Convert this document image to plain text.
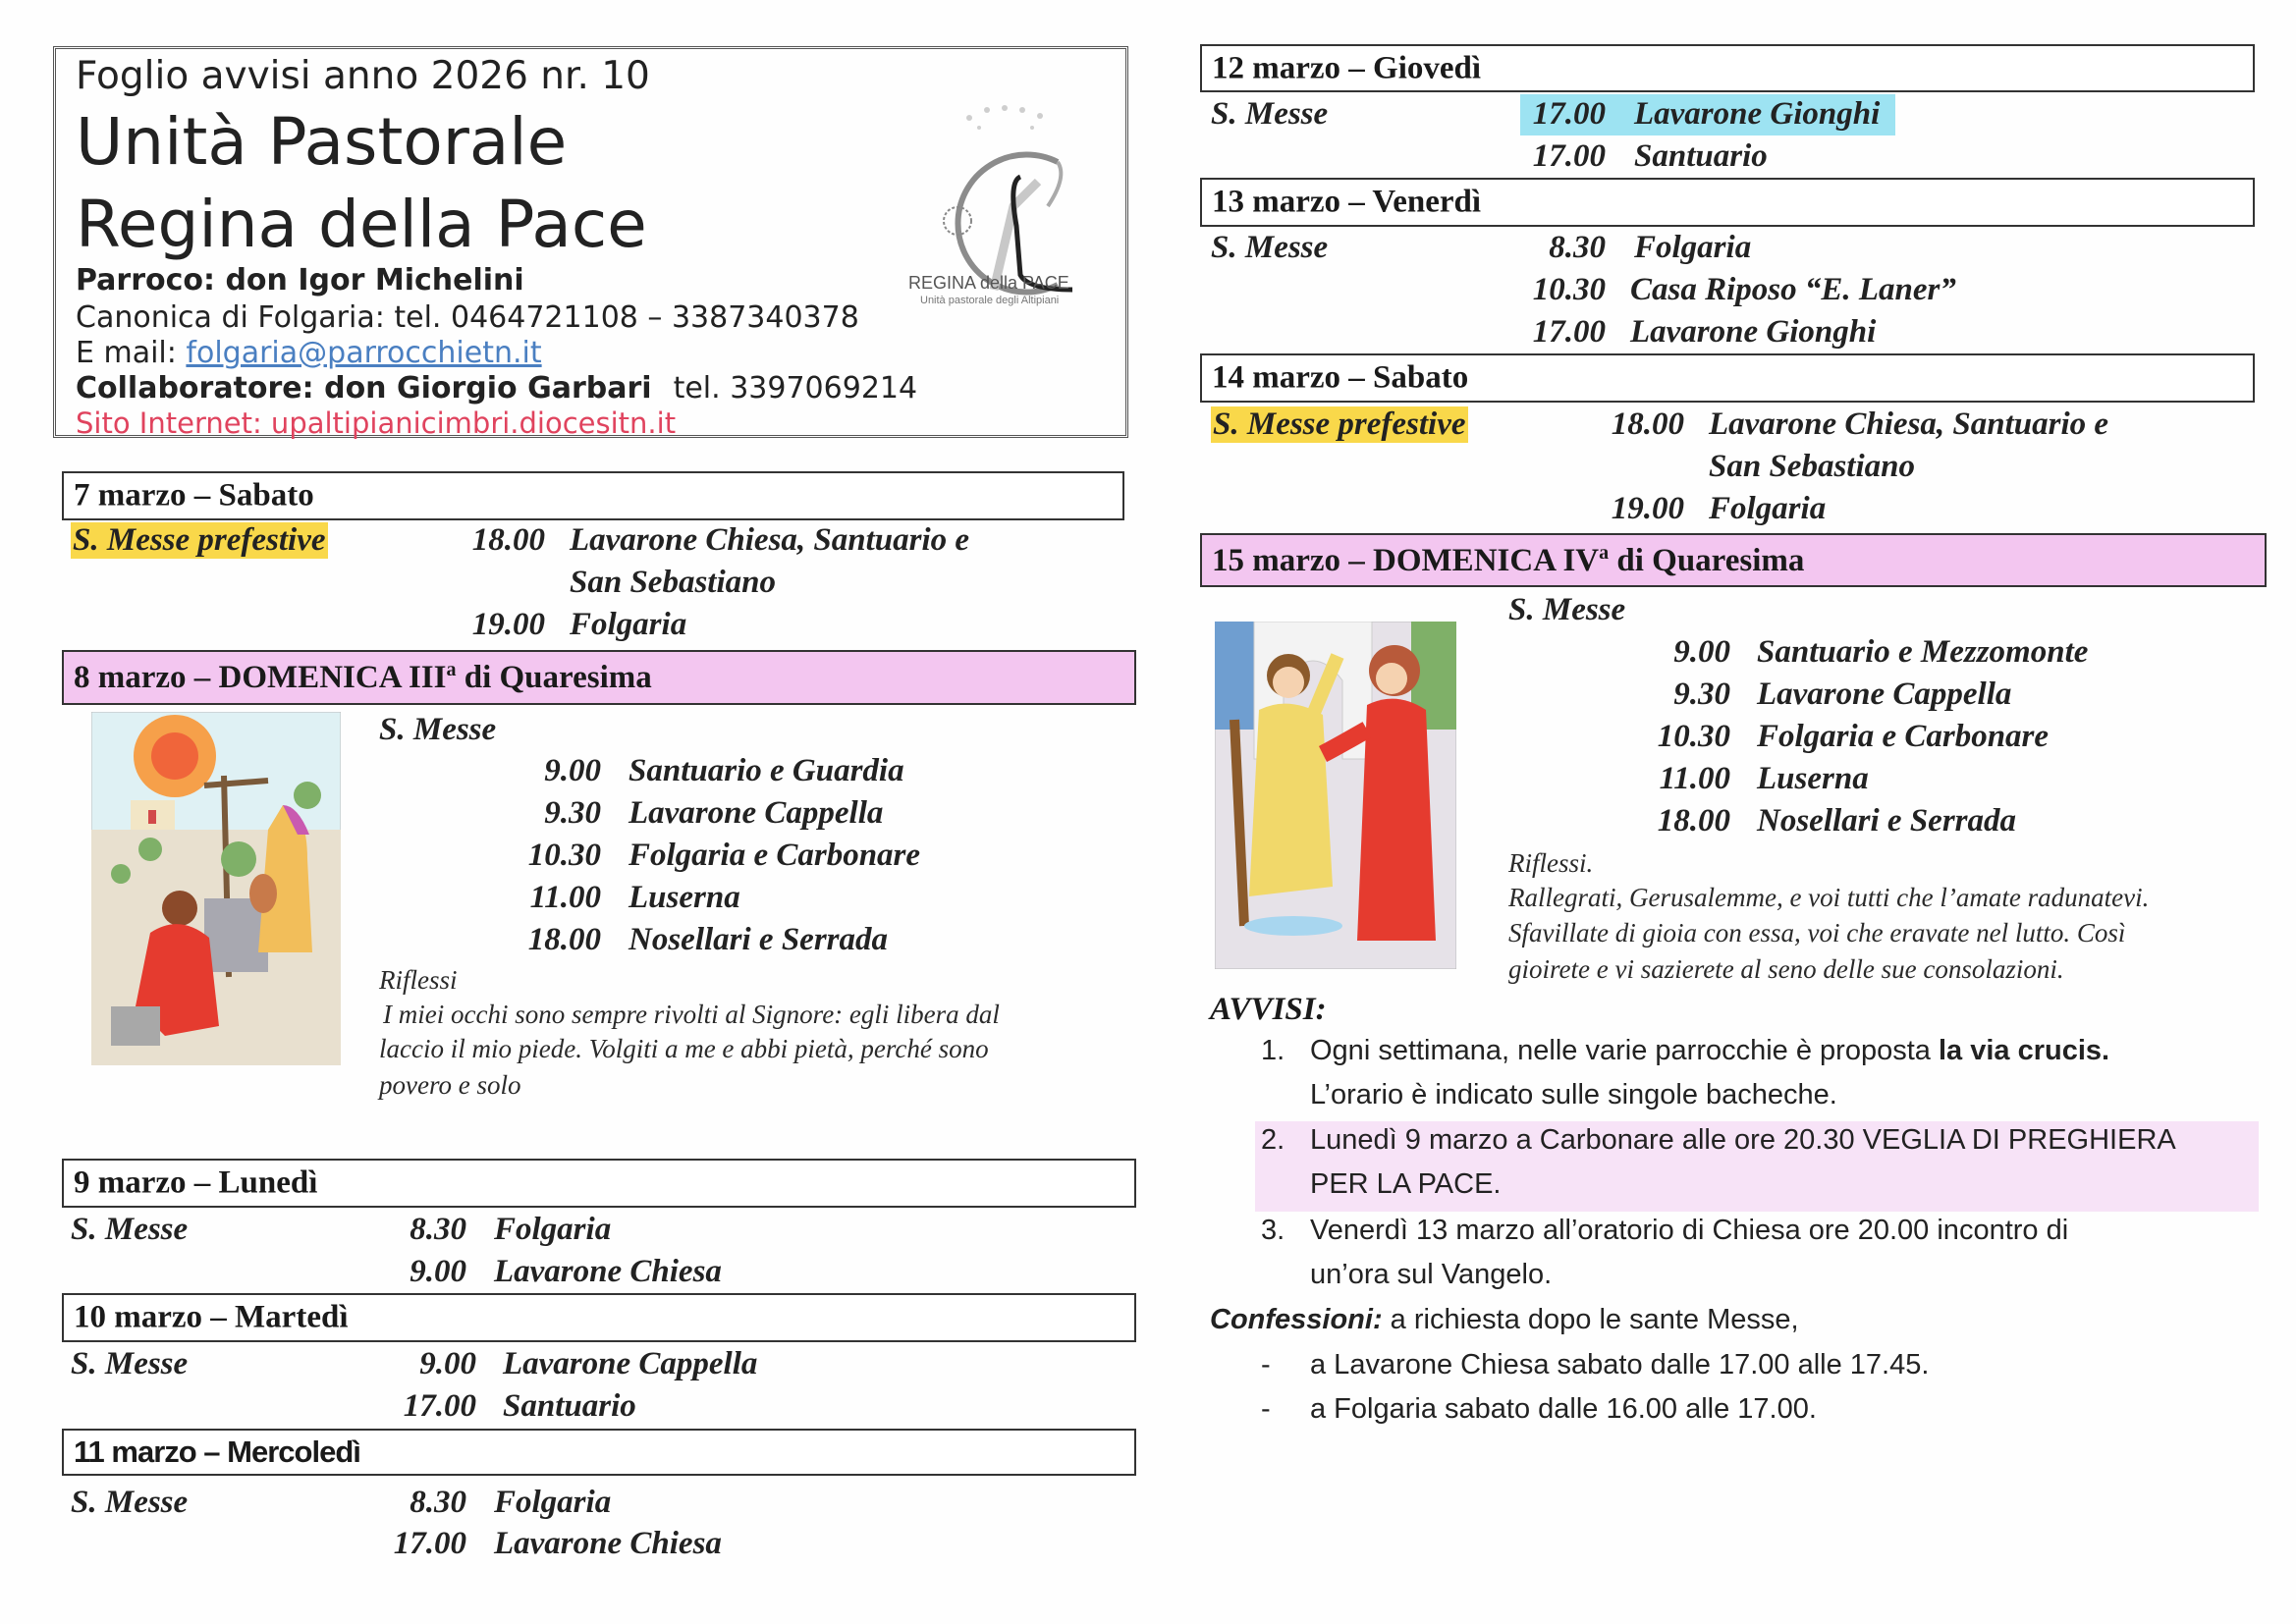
Foglio avvisi anno 2026 nr. 10
Unità Pastorale
Regina della Pace
Parroco: don Igor Michelini
Canonica di Folgaria: tel. 0464721108 – 3387340378
E mail: folgaria@parrocchietn.it
Collaboratore: don Giorgio Garbari tel. 3397069214
Sito Internet: upaltipianicimbri.diocesitn.it
REGINA della PACE
Unità pastorale degli Altipiani
7 marzo – Sabato
S. Messe prefestive	18.00 Lavarone Chiesa, Santuario e
San Sebastiano
19.00 Folgaria
8 marzo – DOMENICA III$^a$ di Quaresima
S. Messe
9.00 Santuario e Guardia
9.30 Lavarone Cappella
10.30 Folgaria e Carbonare
11.00 Luserna
18.00 Nosellari e Serrada
Riflessi
I miei occhi sono sempre rivolti al Signore: egli libera dal
laccio il mio piede. Volgiti a me e abbi pietà, perché sono
povero e solo
9 marzo – Lunedì
S. Messe	8.30 Folgaria
9.00 Lavarone Chiesa
10 marzo – Martedì
S. Messe	9.00 Lavarone Cappella
17.00 Santuario
11 marzo – Mercoledì
S. Messe	8.30 Folgaria
17.00 Lavarone Chiesa
12 marzo – Giovedì
S. Messe	17.00 Lavarone Gionghi
17.00 Santuario
13 marzo – Venerdì
S. Messe	8.30 Folgaria
10.30 Casa Riposo “E. Laner”
17.00 Lavarone Gionghi
14 marzo – Sabato
S. Messe prefestive	18.00 Lavarone Chiesa, Santuario e
San Sebastiano
19.00 Folgaria
15 marzo – DOMENICA $IV^a$ di Quaresima
S. Messe
9.00 Santuario e Mezzomonte
9.30 Lavarone Cappella
10.30 Folgaria e Carbonare
11.00 Luserna
18.00 Nosellari e Serrada
Riflessi.
Rallegrati, Gerusalemme, e voi tutti che l’amate radunatevi.
Sfavillate di gioia con essa, voi che eravate nel lutto. Così
gioirete e vi sazierete al seno delle sue consolazioni.
AVVISI:
1. Ogni settimana, nelle varie parrocchie è proposta la via crucis.
L’orario è indicato sulle singole bacheche.
2. Lunedì 9 marzo a Carbonare alle ore 20.30 VEGLIA DI PREGHIERA
PER LA PACE.
3. Venerdì 13 marzo all’oratorio di Chiesa ore 20.00 incontro di
un’ora sul Vangelo.
Confessioni: a richiesta dopo le sante Messe,
- a Lavarone Chiesa sabato dalle 17.00 alle 17.45.
- a Folgaria sabato dalle 16.00 alle 17.00.
